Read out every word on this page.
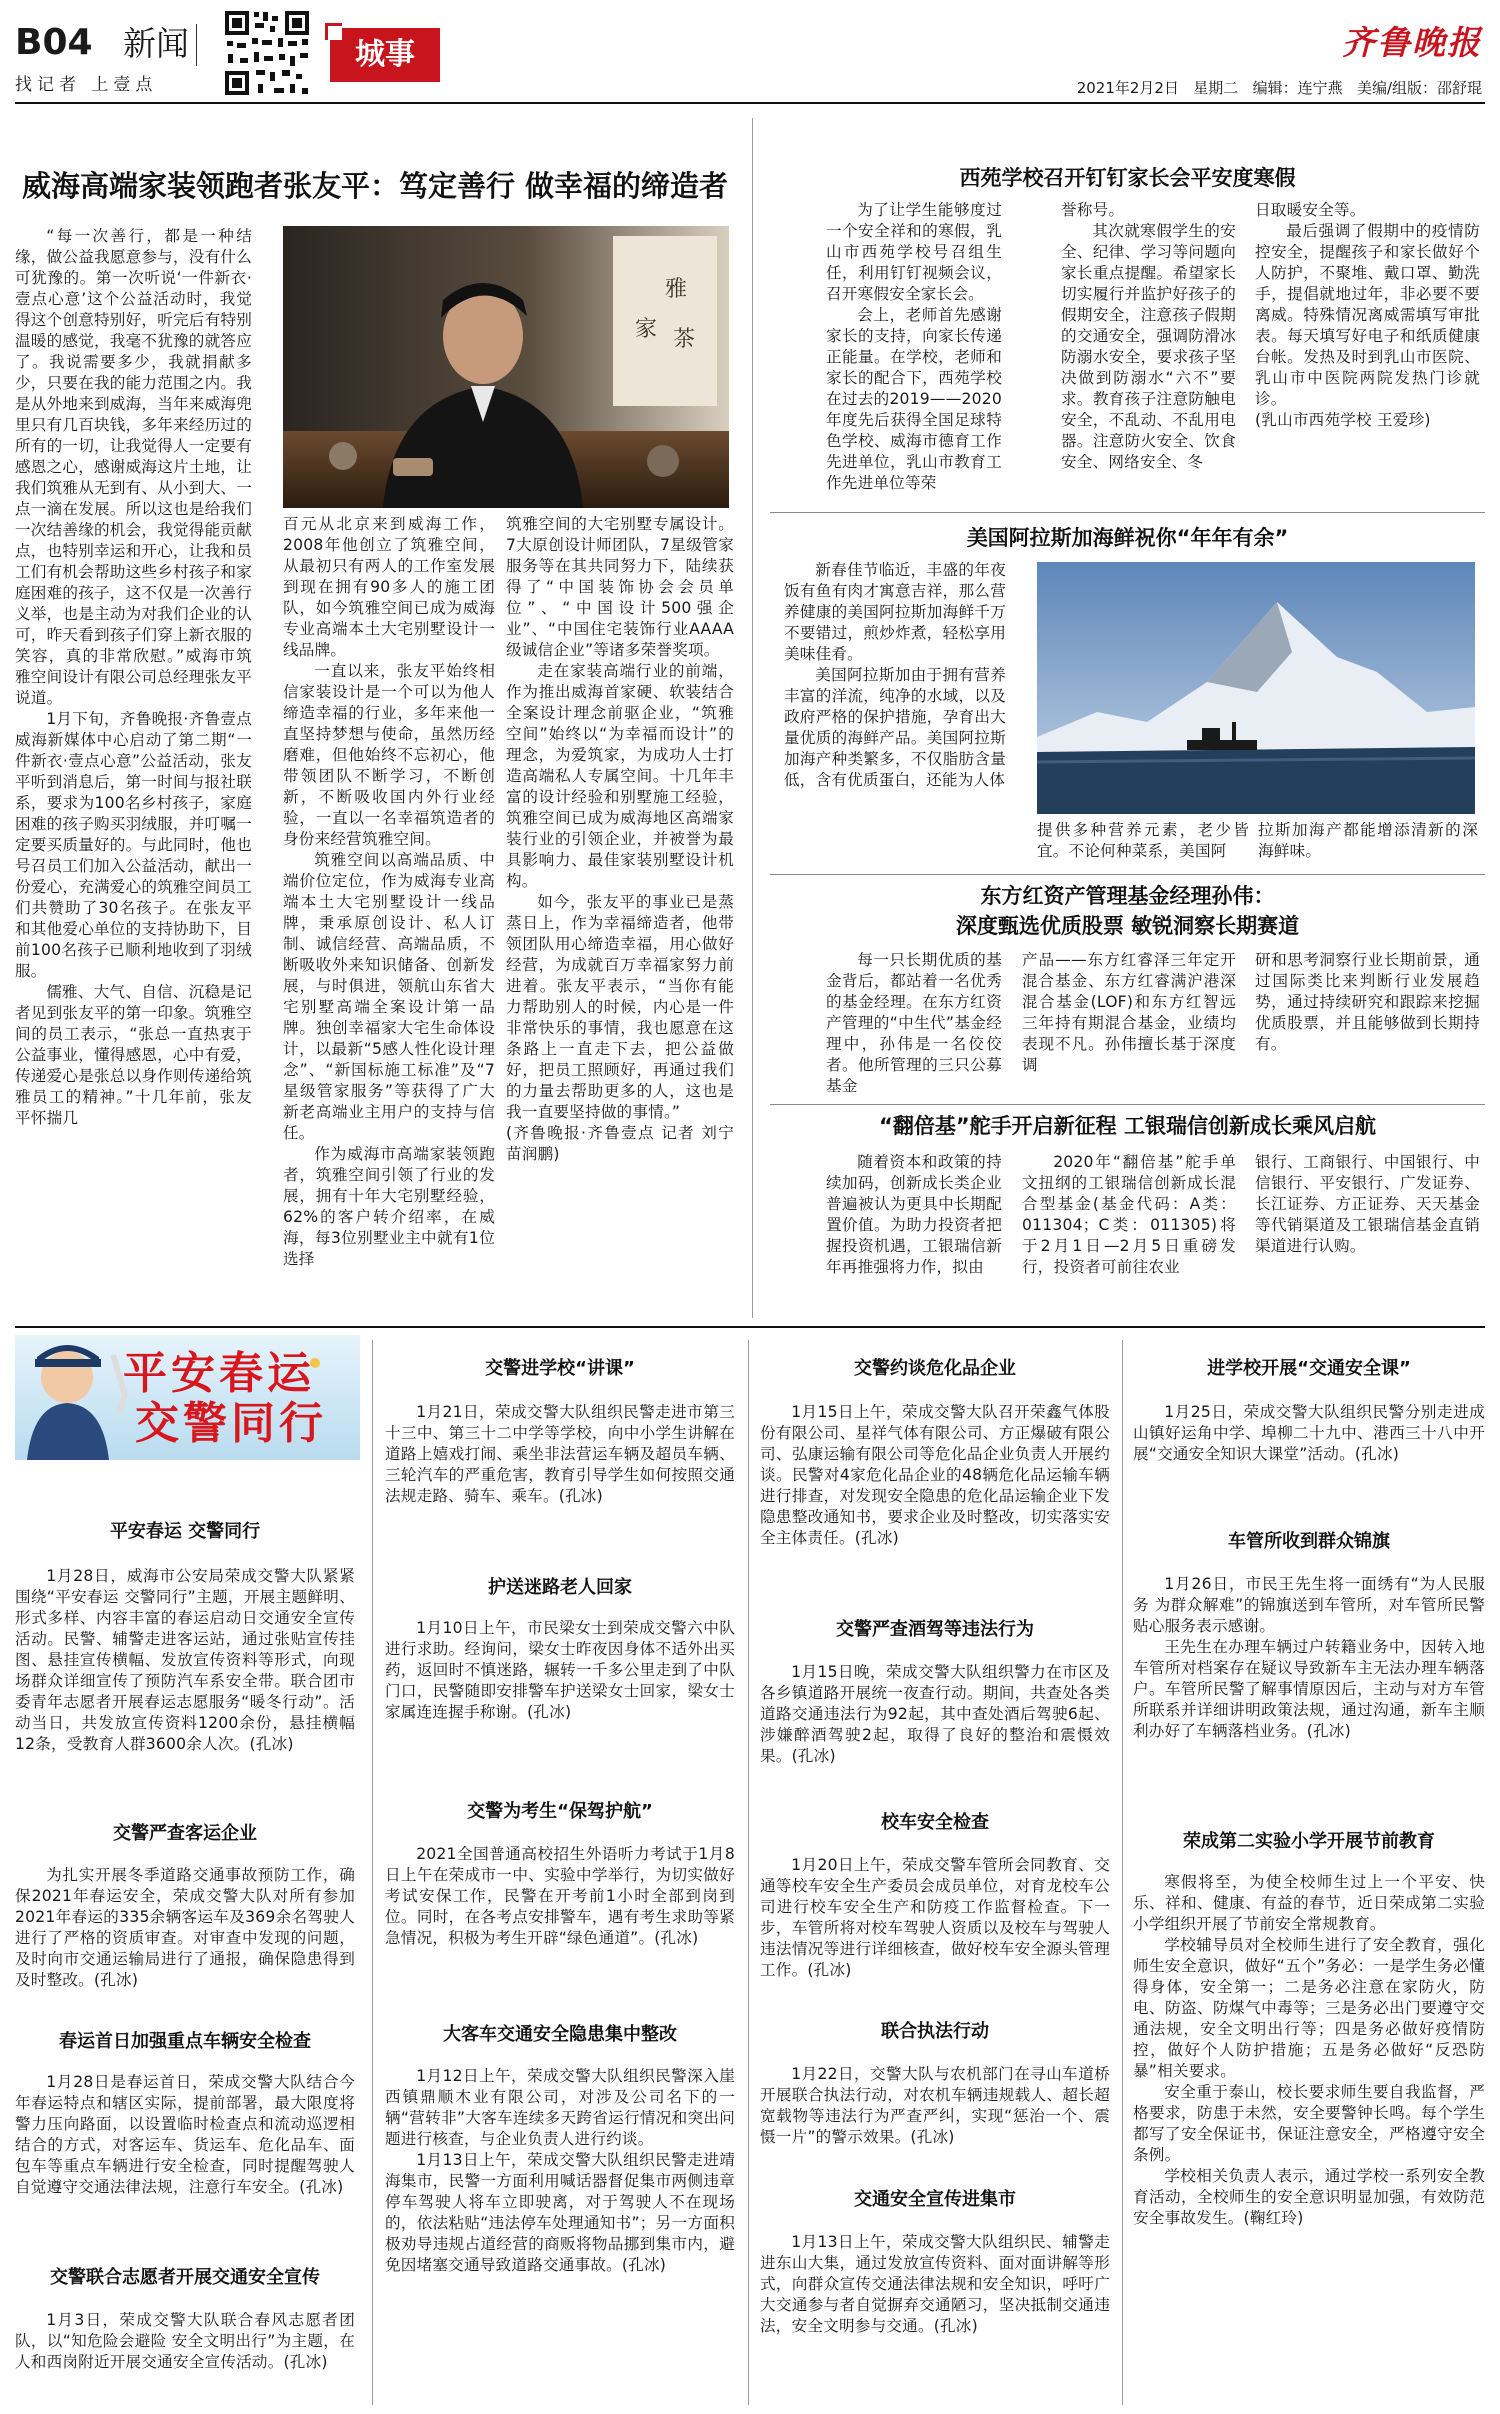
B04 新闻
找记者 上壹点
城事	齐鲁晚报
2021年2月2日 星期二 编辑：连宁燕 美编/组版：邵舒琨
威海高端家装领跑者张友平：笃定善行 做幸福的缔造者

“每一次善行，都是一种结缘，做公益我愿意参与，没有什么可犹豫的。第一次听说‘一件新衣·壹点心意’这个公益活动时，我觉得这个创意特别好，听完后有特别温暖的感觉，我毫不犹豫的就答应了。我说需要多少，我就捐献多少，只要在我的能力范围之内。我是从外地来到威海，当年来威海兜里只有几百块钱，多年来经历过的所有的一切，让我觉得人一定要有感恩之心，感谢威海这片土地，让我们筑雅从无到有、从小到大、一点一滴在发展。所以这也是给我们一次结善缘的机会，我觉得能贡献点，也特别幸运和开心，让我和员工们有机会帮助这些乡村孩子和家庭困难的孩子，这不仅是一次善行义举，也是主动为对我们企业的认可，昨天看到孩子们穿上新衣服的笑容，真的非常欣慰。”威海市筑雅空间设计有限公司总经理张友平说道。

1月下旬，齐鲁晚报·齐鲁壹点威海新媒体中心启动了第二期“一件新衣·壹点心意”公益活动，张友平听到消息后，第一时间与报社联系，要求为100名乡村孩子，家庭困难的孩子购买羽绒服，并叮嘱一定要买质量好的。与此同时，他也号召员工们加入公益活动，献出一份爱心，充满爱心的筑雅空间员工们共赞助了30名孩子。在张友平和其他爱心单位的支持协助下，目前100名孩子已顺利地收到了羽绒服。

儒雅、大气、自信、沉稳是记者见到张友平的第一印象。筑雅空间的员工表示，“张总一直热衷于公益事业，懂得感恩，心中有爱，传递爱心是张总以身作则传递给筑雅员工的精神。”十几年前，张友平怀揣几

雅
家 茶

百元从北京来到威海工作，2008年他创立了筑雅空间，从最初只有两人的工作室发展到现在拥有90多人的施工团队，如今筑雅空间已成为威海专业高端本土大宅别墅设计一线品牌。

一直以来，张友平始终相信家装设计是一个可以为他人缔造幸福的行业，多年来他一直坚持梦想与使命，虽然历经磨难，但他始终不忘初心，他带领团队不断学习，不断创新，不断吸收国内外行业经验，一直以一名幸福筑造者的身份来经营筑雅空间。

筑雅空间以高端品质、中端价位定位，作为威海专业高端本土大宅别墅设计一线品牌，秉承原创设计、私人订制、诚信经营、高端品质，不断吸收外来知识储备、创新发展，与时俱进，领航山东省大宅别墅高端全案设计第一品牌。独创幸福家大宅生命体设计，以最新“5感人性化设计理念”、“新国标施工标准”及“7星级管家服务”等获得了广大新老高端业主用户的支持与信任。

作为威海市高端家装领跑者，筑雅空间引领了行业的发展，拥有十年大宅别墅经验，62%的客户转介绍率，在威海，每3位别墅业主中就有1位选择

筑雅空间的大宅别墅专属设计。7大原创设计师团队，7星级管家服务等在其共同努力下，陆续获得了“中国装饰协会会员单位”、“中国设计500强企业”、“中国住宅装饰行业AAAA级诚信企业”等诸多荣誉奖项。

走在家装高端行业的前端，作为推出威海首家硬、软装结合全案设计理念前驱企业，“筑雅空间”始终以“为幸福而设计”的理念，为爱筑家，为成功人士打造高端私人专属空间。十几年丰富的设计经验和别墅施工经验，筑雅空间已成为威海地区高端家装行业的引领企业，并被誉为最具影响力、最佳家装别墅设计机构。

如今，张友平的事业已是蒸蒸日上，作为幸福缔造者，他带领团队用心缔造幸福，用心做好经营，为成就百万幸福家努力前进着。张友平表示，“当你有能力帮助别人的时候，内心是一件非常快乐的事情，我也愿意在这条路上一直走下去，把公益做好，把员工照顾好，再通过我们的力量去帮助更多的人，这也是我一直要坚持做的事情。”

(齐鲁晚报·齐鲁壹点 记者 刘宁 苗润鹏)

西苑学校召开钉钉家长会平安度寒假

为了让学生能够度过一个安全祥和的寒假，乳山市西苑学校号召组生任，利用钉钉视频会议，召开寒假安全家长会。

会上，老师首先感谢家长的支持，向家长传递正能量。在学校，老师和家长的配合下，西苑学校在过去的2019——2020年度先后获得全国足球特色学校、威海市德育工作先进单位，乳山市教育工作先进单位等荣

誉称号。

其次就寒假学生的安全、纪律、学习等问题向家长重点提醒。希望家长切实履行并监护好孩子的假期安全，注意孩子假期的交通安全，强调防滑冰防溺水安全，要求孩子坚决做到防溺水“六不”要求。教育孩子注意防触电安全，不乱动、不乱用电器。注意防火安全、饮食安全、网络安全、冬

日取暖安全等。

最后强调了假期中的疫情防控安全，提醒孩子和家长做好个人防护，不聚堆、戴口罩、勤洗手，提倡就地过年，非必要不要离威。特殊情况离威需填写审批表。每天填写好电子和纸质健康台帐。发热及时到乳山市医院、乳山市中医院两院发热门诊就诊。

(乳山市西苑学校 王爱珍)

美国阿拉斯加海鲜祝你“年年有余”

新春佳节临近，丰盛的年夜饭有鱼有肉才寓意吉祥，那么营养健康的美国阿拉斯加海鲜千万不要错过，煎炒炸煮，轻松享用美味佳肴。

美国阿拉斯加由于拥有营养丰富的洋流，纯净的水域，以及政府严格的保护措施，孕育出大量优质的海鲜产品。美国阿拉斯加海产种类繁多，不仅脂肪含量低，含有优质蛋白，还能为人体

提供多种营养元素，老少皆宜。不论何种菜系，美国阿

拉斯加海产都能增添清新的深海鲜味。

东方红资产管理基金经理孙伟：
深度甄选优质股票 敏锐洞察长期赛道

每一只长期优质的基金背后，都站着一名优秀的基金经理。在东方红资产管理的“中生代”基金经理中，孙伟是一名佼佼者。他所管理的三只公募基金

产品——东方红睿泽三年定开混合基金、东方红睿满沪港深混合基金(LOF)和东方红智远三年持有期混合基金，业绩均表现不凡。孙伟擅长基于深度调

研和思考洞察行业长期前景，通过国际类比来判断行业发展趋势，通过持续研究和跟踪来挖掘优质股票，并且能够做到长期持有。

“翻倍基”舵手开启新征程 工银瑞信创新成长乘风启航

随着资本和政策的持续加码，创新成长类企业普遍被认为更具中长期配置价值。为助力投资者把握投资机遇，工银瑞信新年再推强将力作，拟由

2020年“翻倍基”舵手单文扭纲的工银瑞信创新成长混合型基金(基金代码：A类：011304；C类：011305)将于2月1日—2月5日重磅发行，投资者可前往农业

银行、工商银行、中国银行、中信银行、平安银行、广发证券、长江证券、方正证券、天天基金等代销渠道及工银瑞信基金直销渠道进行认购。

平安春运
交警同行
平安春运 交警同行

1月28日，威海市公安局荣成交警大队紧紧围绕“平安春运 交警同行”主题，开展主题鲜明、形式多样、内容丰富的春运启动日交通安全宣传活动。民警、辅警走进客运站，通过张贴宣传挂图、悬挂宣传横幅、发放宣传资料等形式，向现场群众详细宣传了预防汽车系安全带。联合团市委青年志愿者开展春运志愿服务“暖冬行动”。活动当日，共发放宣传资料1200余份，悬挂横幅12条，受教育人群3600余人次。(孔冰)

交警严查客运企业

为扎实开展冬季道路交通事故预防工作，确保2021年春运安全，荣成交警大队对所有参加2021年春运的335余辆客运车及369余名驾驶人进行了严格的资质审查。对审查中发现的问题，及时向市交通运输局进行了通报，确保隐患得到及时整改。(孔冰)

春运首日加强重点车辆安全检查

1月28日是春运首日，荣成交警大队结合今年春运特点和辖区实际，提前部署，最大限度将警力压向路面，以设置临时检查点和流动巡逻相结合的方式，对客运车、货运车、危化品车、面包车等重点车辆进行安全检查，同时提醒驾驶人自觉遵守交通法律法规，注意行车安全。(孔冰)

交警联合志愿者开展交通安全宣传

1月3日，荣成交警大队联合春风志愿者团队，以“知危险会避险 安全文明出行”为主题，在人和西岗附近开展交通安全宣传活动。(孔冰)

交警进学校“讲课”

1月21日，荣成交警大队组织民警走进市第三十三中、第三十二中学等学校，向中小学生讲解在道路上嬉戏打闹、乘坐非法营运车辆及超员车辆、三轮汽车的严重危害，教育引导学生如何按照交通法规走路、骑车、乘车。(孔冰)

护送迷路老人回家

1月10日上午，市民梁女士到荣成交警六中队进行求助。经询问，梁女士昨夜因身体不适外出买药，返回时不慎迷路，辗转一千多公里走到了中队门口，民警随即安排警车护送梁女士回家，梁女士家属连连握手称谢。(孔冰)

交警为考生“保驾护航”

2021全国普通高校招生外语听力考试于1月8日上午在荣成市一中、实验中学举行，为切实做好考试安保工作，民警在开考前1小时全部到岗到位。同时，在各考点安排警车，遇有考生求助等紧急情况，积极为考生开辟“绿色通道”。(孔冰)

大客车交通安全隐患集中整改

1月12日上午，荣成交警大队组织民警深入崖西镇鼎顺木业有限公司，对涉及公司名下的一辆“营转非”大客车连续多天跨省运行情况和突出问题进行核查，与企业负责人进行约谈。

1月13日上午，荣成交警大队组织民警走进靖海集市，民警一方面利用喊话器督促集市两侧违章停车驾驶人将车立即驶离，对于驾驶人不在现场的，依法粘贴“违法停车处理通知书”；另一方面积极劝导违规占道经营的商贩将物品挪到集市内，避免因堵塞交通导致道路交通事故。(孔冰)

交警约谈危化品企业

1月15日上午，荣成交警大队召开荣鑫气体股份有限公司、星祥气体有限公司、方正爆破有限公司、弘康运输有限公司等危化品企业负责人开展约谈。民警对4家危化品企业的48辆危化品运输车辆进行排查，对发现安全隐患的危化品运输企业下发隐患整改通知书，要求企业及时整改，切实落实安全主体责任。(孔冰)

交警严查酒驾等违法行为

1月15日晚，荣成交警大队组织警力在市区及各乡镇道路开展统一夜查行动。期间，共查处各类道路交通违法行为92起，其中查处酒后驾驶6起、涉嫌醉酒驾驶2起，取得了良好的整治和震慑效果。(孔冰)

校车安全检查

1月20日上午，荣成交警车管所会同教育、交通等校车安全生产委员会成员单位，对育龙校车公司进行校车安全生产和防疫工作监督检查。下一步，车管所将对校车驾驶人资质以及校车与驾驶人违法情况等进行详细核查，做好校车安全源头管理工作。(孔冰)

联合执法行动

1月22日，交警大队与农机部门在寻山车道桥开展联合执法行动，对农机车辆违规载人、超长超宽载物等违法行为严查严纠，实现“惩治一个、震慑一片”的警示效果。(孔冰)

交通安全宣传进集市

1月13日上午，荣成交警大队组织民、辅警走进东山大集，通过发放宣传资料、面对面讲解等形式，向群众宣传交通法律法规和安全知识，呼吁广大交通参与者自觉摒弃交通陋习，坚决抵制交通违法，安全文明参与交通。(孔冰)

进学校开展“交通安全课”

1月25日，荣成交警大队组织民警分别走进成山镇好运角中学、埠柳二十九中、港西三十八中开展“交通安全知识大课堂”活动。(孔冰)

车管所收到群众锦旗

1月26日，市民王先生将一面绣有“为人民服务 为群众解难”的锦旗送到车管所，对车管所民警贴心服务表示感谢。

王先生在办理车辆过户转籍业务中，因转入地车管所对档案存在疑议导致新车主无法办理车辆落户。车管所民警了解事情原因后，主动与对方车管所联系并详细讲明政策法规，通过沟通，新车主顺利办好了车辆落档业务。(孔冰)

荣成第二实验小学开展节前教育

寒假将至，为使全校师生过上一个平安、快乐、祥和、健康、有益的春节，近日荣成第二实验小学组织开展了节前安全常规教育。

学校辅导员对全校师生进行了安全教育，强化师生安全意识，做好“五个”务必：一是学生务必懂得身体，安全第一；二是务必注意在家防火，防电、防盗、防煤气中毒等；三是务必出门要遵守交通法规，安全文明出行等；四是务必做好疫情防控，做好个人防护措施；五是务必做好“反恐防暴”相关要求。

安全重于泰山，校长要求师生要自我监督，严格要求，防患于未然，安全要警钟长鸣。每个学生都写了安全保证书，保证注意安全，严格遵守安全条例。

学校相关负责人表示，通过学校一系列安全教育活动，全校师生的安全意识明显加强，有效防范安全事故发生。(鞠红玲)
